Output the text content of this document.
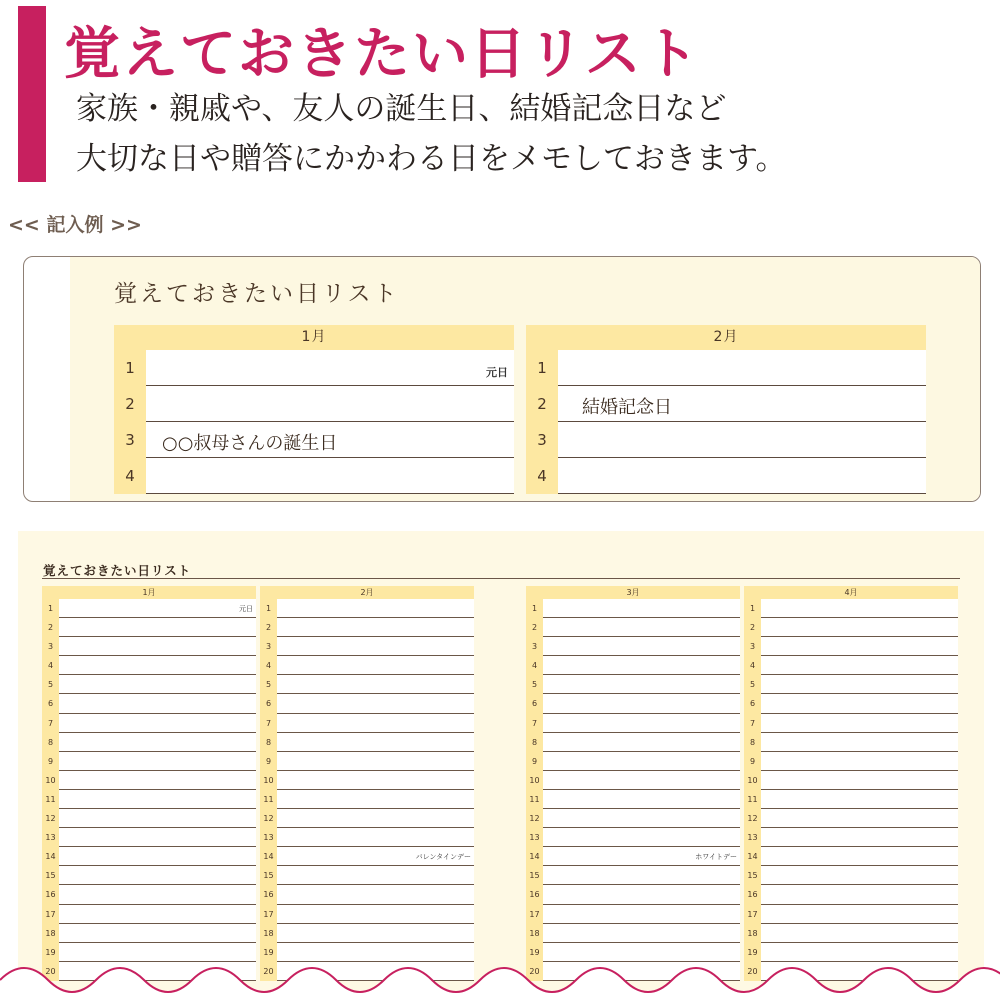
覚えておきたい日リスト
家族・親戚や、友人の誕生日、結婚記念日など
大切な日や贈答にかかわる日をメモしておきます。
<< 記入例 >>
覚えておきたい日リスト
1月
1	元日
2
3	○○叔母さんの誕生日
4
2月
1
2	結婚記念日
3
4
覚えておきたい日リスト
1月
1	元日
2
3
4
5
6
7
8
9
10
11
12
13
14
15
16
17
18
19
20
2月
1
2
3
4
5
6
7
8
9
10
11
12
13
14	バレンタインデー
15
16
17
18
19
20
3月
1
2
3
4
5
6
7
8
9
10
11
12
13
14	ホワイトデー
15
16
17
18
19
20
4月
1
2
3
4
5
6
7
8
9
10
11
12
13
14
15
16
17
18
19
20
